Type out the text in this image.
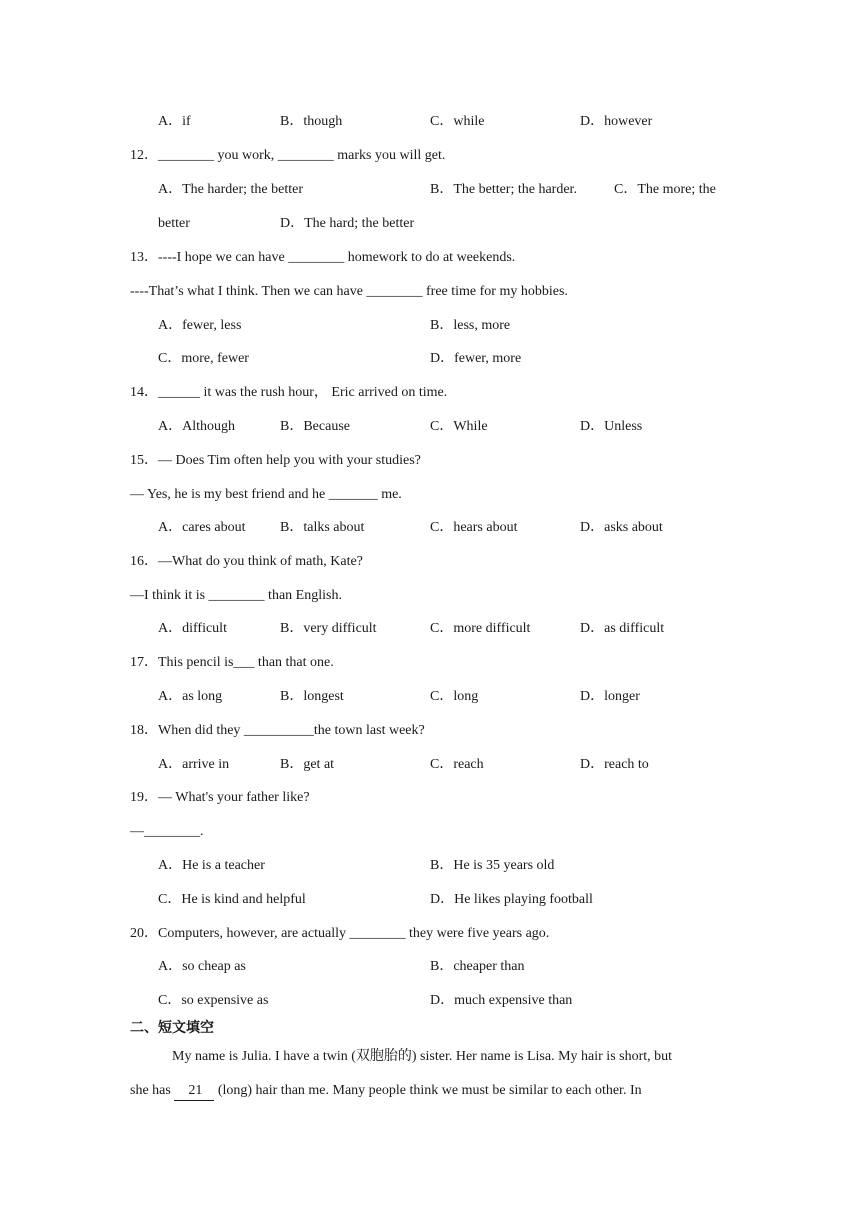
A．if	B．though	C．while	D．however
12．________ you work, ________ marks you will get.
A．The harder; the better	B．The better; the harder.	C．The more; the
better	D．The hard; the better
13．----I hope we can have ________ homework to do at weekends.
----That’s what I think. Then we can have ________ free time for my hobbies.
A．fewer, less	B．less, more
C．more, fewer	D．fewer, more
14．______ it was the rush hour， Eric arrived on time.
A．Although	B．Because	C．While	D．Unless
15．— Does Tim often help you with your studies?
— Yes, he is my best friend and he _______ me.
A．cares about B．talks about	C．hears about	D．asks about
16．—What do you think of math, Kate?
—I think it is ________ than English.
A．difficult	B．very difficult	C．more difficult	D．as difficult
17．This pencil is___ than that one.
A．as long	B．longest	C．long	D．longer
18．When did they __________the town last week?
A．arrive in	B．get at	C．reach	D．reach to
19．— What's your father like?
—________.
A．He is a teacher	B．He is 35 years old
C．He is kind and helpful	D．He likes playing football
20．Computers, however, are actually ________ they were five years ago.
A．so cheap as	B．cheaper than
C．so expensive as	D．much expensive than
二、短文填空
My name is Julia. I have a twin (双胞胎的) sister. Her name is Lisa. My hair is short, but
she has 21 (long) hair than me. Many people think we must be similar to each other. In
